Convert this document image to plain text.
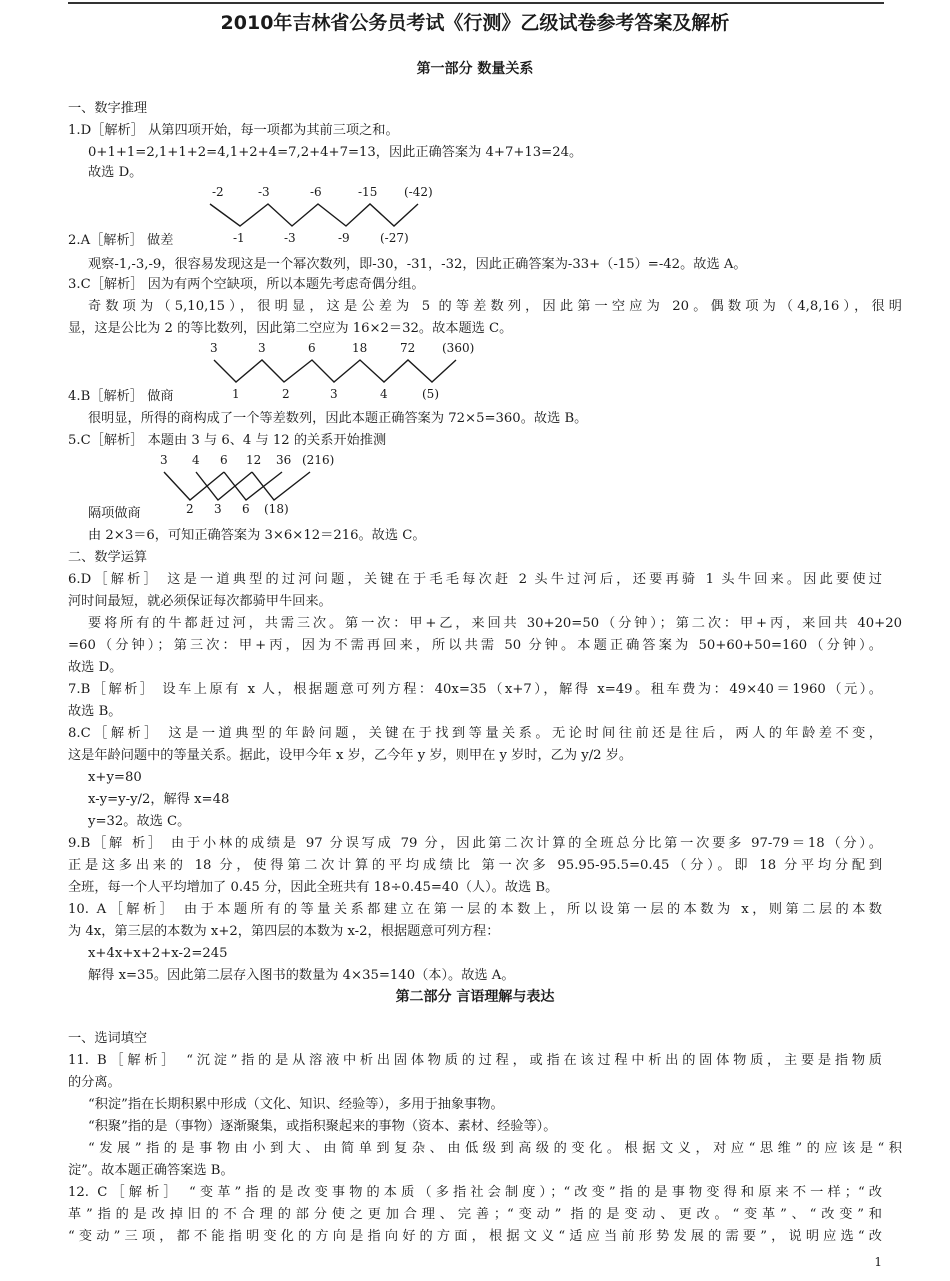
2010年吉林省公务员考试《行测》乙级试卷参考答案及解析
第一部分 数量关系
一、数字推理
1.D［解析］ 从第四项开始，每一项都为其前三项之和。
0+1+1=2,1+1+2=4,1+2+4=7,2+4+7=13，因此正确答案为 4+7+13=24。
故选 D。
-2	-3	-6	-15 (-42)
-1	-3	-9	(-27)
2.A［解析］ 做差
观察-1,-3,-9，很容易发现这是一个幂次数列，即-30，-31，-32，因此正确答案为-33+（-15）=-42。故选 A。
3.C［解析］ 因为有两个空缺项，所以本题先考虑奇偶分组。
奇数项为（5,10,15），很明显，这是公差为 5 的等差数列，因此第一空应为 20。偶数项为（4,8,16），很明
显，这是公比为 2 的等比数列，因此第二空应为 16×2＝32。故本题选 C。
3	3	6	18	72 (360)
1	2	3	4	(5)
4.B［解析］ 做商
很明显，所得的商构成了一个等差数列，因此本题正确答案为 72×5=360。故选 B。
5.C［解析］ 本题由 3 与 6、4 与 12 的关系开始推测
3 4 6 12 36 (216)
2 3 6 (18)
隔项做商
由 2×3＝6，可知正确答案为 3×6×12＝216。故选 C。
二、数学运算
6.D［解析］ 这是一道典型的过河问题，关键在于毛毛每次赶 2 头牛过河后，还要再骑 1 头牛回来。因此要使过
河时间最短，就必须保证每次都骑甲牛回来。
要将所有的牛都赶过河，共需三次。第一次：甲+乙，来回共 30+20=50（分钟）；第二次：甲+丙，来回共 40+20
=60（分钟）；第三次：甲+丙，因为不需再回来，所以共需 50 分钟。本题正确答案为 50+60+50=160（分钟）。
故选 D。
7.B［解析］ 设车上原有 x 人，根据题意可列方程：40x=35（x+7），解得 x=49。租车费为：49×40＝1960（元）。
故选 B。
8.C［解析］ 这是一道典型的年龄问题，关键在于找到等量关系。无论时间往前还是往后，两人的年龄差不变，
这是年龄问题中的等量关系。据此，设甲今年 x 岁，乙今年 y 岁，则甲在 y 岁时，乙为 y/2 岁。
x+y=80
x-y=y-y/2，解得 x=48
y=32。故选 C。
9.B［解 析］ 由于小林的成绩是 97 分误写成 79 分，因此第二次计算的全班总分比第一次要多 97-79＝18（分）。
正是这多出来的 18 分，使得第二次计算的平均成绩比 第一次多 95.95-95.5=0.45（分）。即 18 分平均分配到
全班，每一个人平均增加了 0.45 分，因此全班共有 18÷0.45=40（人）。故选 B。
10. A［解析］ 由于本题所有的等量关系都建立在第一层的本数上，所以设第一层的本数为 x，则第二层的本数
为 4x，第三层的本数为 x+2，第四层的本数为 x-2，根据题意可列方程：
x+4x+x+2+x-2=245
解得 x=35。因此第二层存入图书的数量为 4×35=140（本）。故选 A。
第二部分 言语理解与表达
一、选词填空
11. B［解析］ “沉淀”指的是从溶液中析出固体物质的过程，或指在该过程中析出的固体物质，主要是指物质
的分离。
“积淀”指在长期积累中形成（文化、知识、经验等），多用于抽象事物。
“积聚”指的是（事物）逐渐聚集，或指积聚起来的事物（资本、素材、经验等）。
“发展”指的是事物由小到大、由简单到复杂、由低级到高级的变化。根据文义，对应“思维”的应该是“积
淀”。故本题正确答案选 B。
12. C［解析］ “变革”指的是改变事物的本质（多指社会制度）；“改变”指的是事物变得和原来不一样；“改
革”指的是改掉旧的不合理的部分使之更加合理、完善；“变动” 指的是变动、更改。“变革”、“改变”和
“变动”三项，都不能指明变化的方向是指向好的方面，根据文义“适应当前形势发展的需要”，说明应选“改
1
